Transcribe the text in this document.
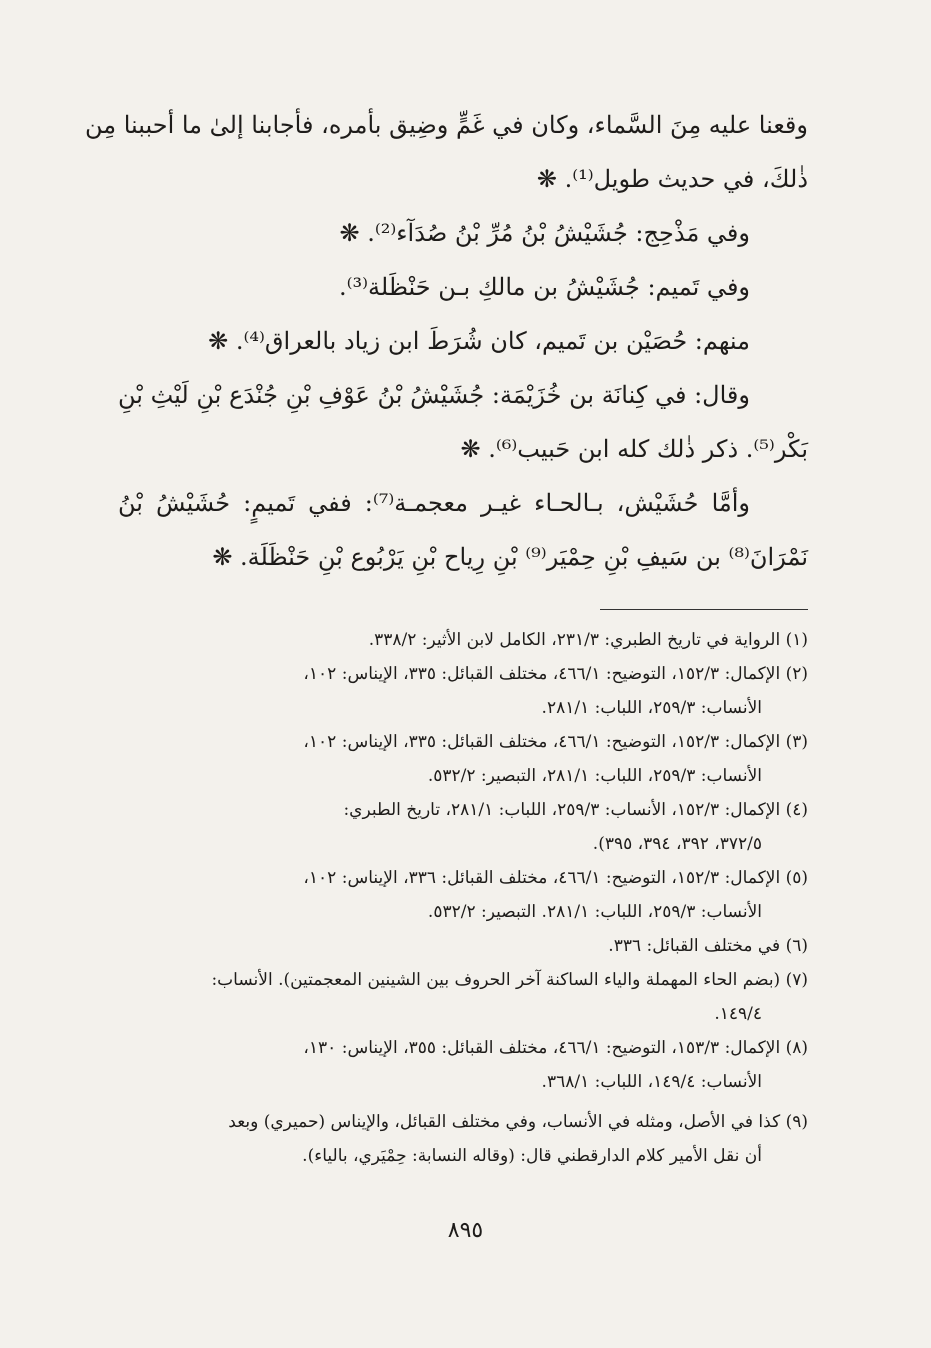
وقعنا عليه مِنَ السَّماء، وكان في غَمٍّ وضِيق بأمره، فأجابنا إلىٰ ما أحببنا مِن
ذٰلكَ، في حديث طويل⁽¹⁾. ❋
وفي مَذْحِج: جُشَيْشُ بْنُ مُرِّ بْنُ صُدَآء⁽²⁾. ❋
وفي تَميم: جُشَيْشُ بن مالكِ بـن حَنْظَلة⁽³⁾.
منهم: حُصَيْن بن تَميم، كان شُرَطَ ابن زياد بالعراق⁽⁴⁾. ❋
وقال: في كِنانَة بن خُزَيْمَة: جُشَيْشُ بْنُ عَوْفِ بْنِ جُنْدَع بْنِ لَيْثِ بْنِ
بَكْر⁽⁵⁾. ذكر ذٰلك كله ابن حَبيب⁽⁶⁾. ❋
وأمَّا حُشَيْش، بـالحـاء غيـر معجمـة⁽⁷⁾: ففي تَميمٍ: حُشَيْشُ بْنُ
نَمْرَانَ⁽⁸⁾ بن سَيفِ بْنِ حِمْيَر⁽⁹⁾ بْنِ رِياح بْنِ يَرْبُوع بْنِ حَنْظَلَة. ❋
(١) الرواية في تاريخ الطبري: ٢٣١/٣، الكامل لابن الأثير: ٣٣٨/٢.
(٢) الإكمال: ١٥٢/٣، التوضيح: ٤٦٦/١، مختلف القبائل: ٣٣٥، الإيناس: ١٠٢،
الأنساب: ٢٥٩/٣، اللباب: ٢٨١/١.
(٣) الإكمال: ١٥٢/٣، التوضيح: ٤٦٦/١، مختلف القبائل: ٣٣٥، الإيناس: ١٠٢،
الأنساب: ٢٥٩/٣، اللباب: ٢٨١/١، التبصير: ٥٣٢/٢.
(٤) الإكمال: ١٥٢/٣، الأنساب: ٢٥٩/٣، اللباب: ٢٨١/١، تاريخ الطبري:
٣٧٢/٥، ٣٩٢، ٣٩٤، ٣٩٥).
(٥) الإكمال: ١٥٢/٣، التوضيح: ٤٦٦/١، مختلف القبائل: ٣٣٦، الإيناس: ١٠٢،
الأنساب: ٢٥٩/٣، اللباب: ٢٨١/١. التبصير: ٥٣٢/٢.
(٦) في مختلف القبائل: ٣٣٦.
(٧) (بضم الحاء المهملة والياء الساكنة آخر الحروف بين الشينين المعجمتين). الأنساب:
١٤٩/٤.
(٨) الإكمال: ١٥٣/٣، التوضيح: ٤٦٦/١، مختلف القبائل: ٣٥٥، الإيناس: ١٣٠،
الأنساب: ١٤٩/٤، اللباب: ٣٦٨/١.
(٩) كذا في الأصل، ومثله في الأنساب، وفي مختلف القبائل، والإيناس (حميري) وبعد
أن نقل الأمير كلام الدارقطني قال: (وقاله النسابة: حِمْيَري، بالياء).
٨٩٥
